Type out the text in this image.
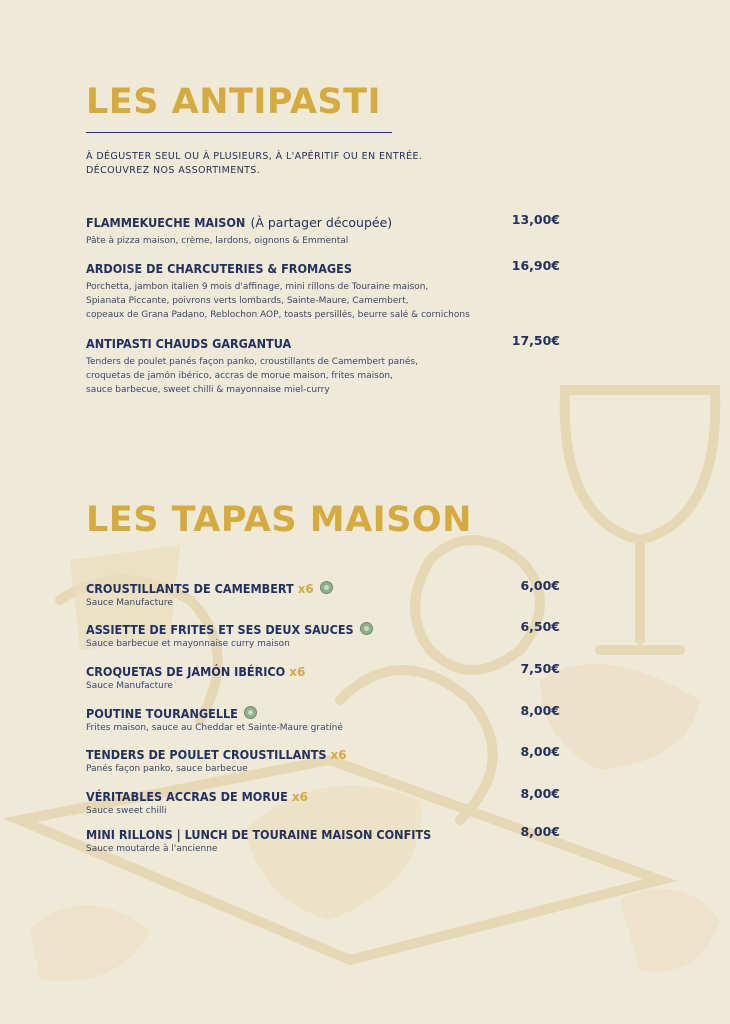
LES ANTIPASTI
À DÉGUSTER SEUL OU À PLUSIEURS, À L'APÉRITIF OU EN ENTRÉE.
DÉCOUVREZ NOS ASSORTIMENTS.
FLAMMEKUECHE MAISON (À partager découpée)	13,00€
Pâte à pizza maison, crème, lardons, oignons & Emmental
ARDOISE DE CHARCUTERIES & FROMAGES	16,90€
Porchetta, jambon italien 9 mois d'affinage, mini rillons de Touraine maison,
Spianata Piccante, poivrons verts lombards, Sainte-Maure, Camembert,
copeaux de Grana Padano, Reblochon AOP, toasts persillés, beurre salé & cornichons
ANTIPASTI CHAUDS GARGANTUA	17,50€
Tenders de poulet panés façon panko, croustillants de Camembert panés,
croquetas de jamón ibérico, accras de morue maison, frites maison,
sauce barbecue, sweet chilli & mayonnaise miel-curry
LES TAPAS MAISON
CROUSTILLANTS DE CAMEMBERT x6	6,00€
Sauce Manufacture
ASSIETTE DE FRITES ET SES DEUX SAUCES	6,50€
Sauce barbecue et mayonnaise curry maison
CROQUETAS DE JAMÓN IBÉRICO x6	7,50€
Sauce Manufacture
POUTINE TOURANGELLE	8,00€
Frites maison, sauce au Cheddar et Sainte-Maure gratiné
TENDERS DE POULET CROUSTILLANTS x6	8,00€
Panés façon panko, sauce barbecue
VÉRITABLES ACCRAS DE MORUE x6	8,00€
Sauce sweet chilli
MINI RILLONS | LUNCH DE TOURAINE MAISON CONFITS	8,00€
Sauce moutarde à l'ancienne
